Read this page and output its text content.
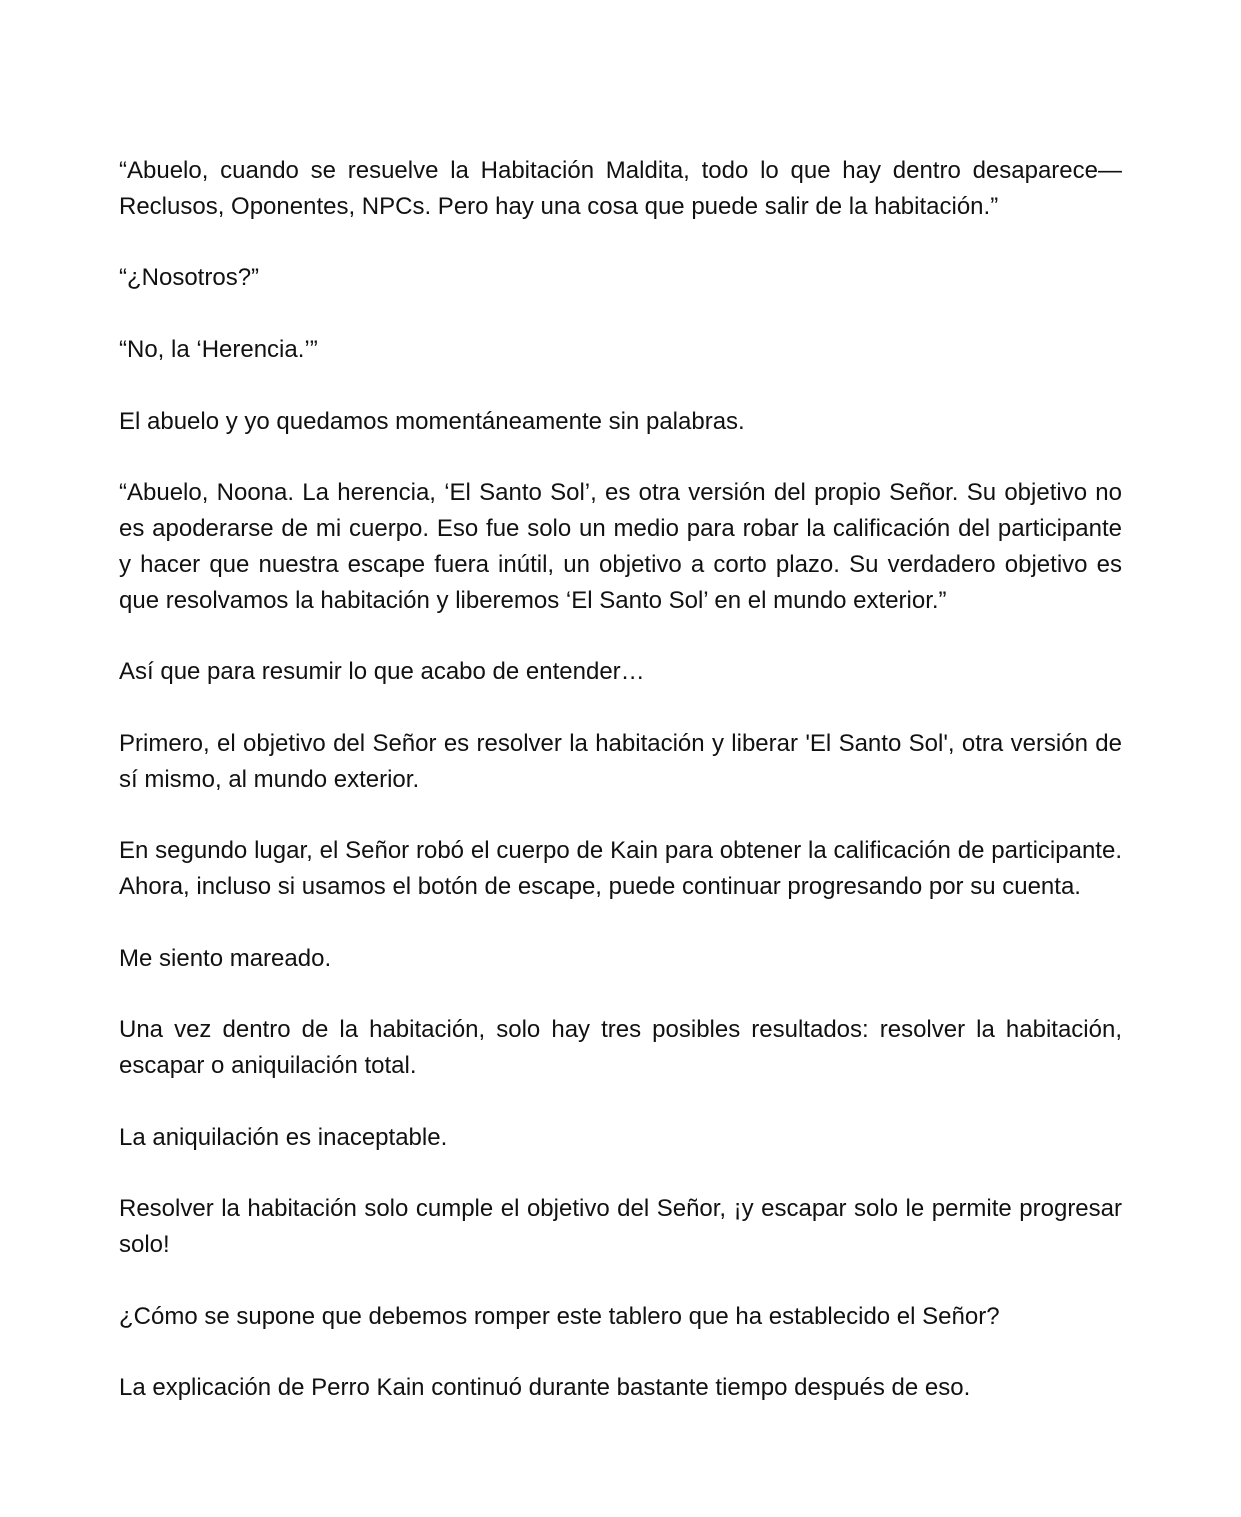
“Abuelo, cuando se resuelve la Habitación Maldita, todo lo que hay dentro desaparece—Reclusos, Oponentes, NPCs. Pero hay una cosa que puede salir de la habitación.”

“¿Nosotros?”

“No, la ‘Herencia.’”

El abuelo y yo quedamos momentáneamente sin palabras.

“Abuelo, Noona. La herencia, ‘El Santo Sol’, es otra versión del propio Señor. Su objetivo no es apoderarse de mi cuerpo. Eso fue solo un medio para robar la calificación del participante y hacer que nuestra escape fuera inútil, un objetivo a corto plazo. Su verdadero objetivo es que resolvamos la habitación y liberemos ‘El Santo Sol’ en el mundo exterior.”

Así que para resumir lo que acabo de entender…

Primero, el objetivo del Señor es resolver la habitación y liberar 'El Santo Sol', otra versión de sí mismo, al mundo exterior.

En segundo lugar, el Señor robó el cuerpo de Kain para obtener la calificación de participante. Ahora, incluso si usamos el botón de escape, puede continuar progresando por su cuenta.

Me siento mareado.

Una vez dentro de la habitación, solo hay tres posibles resultados: resolver la habitación, escapar o aniquilación total.

La aniquilación es inaceptable.

Resolver la habitación solo cumple el objetivo del Señor, ¡y escapar solo le permite progresar solo!

¿Cómo se supone que debemos romper este tablero que ha establecido el Señor?

La explicación de Perro Kain continuó durante bastante tiempo después de eso.
